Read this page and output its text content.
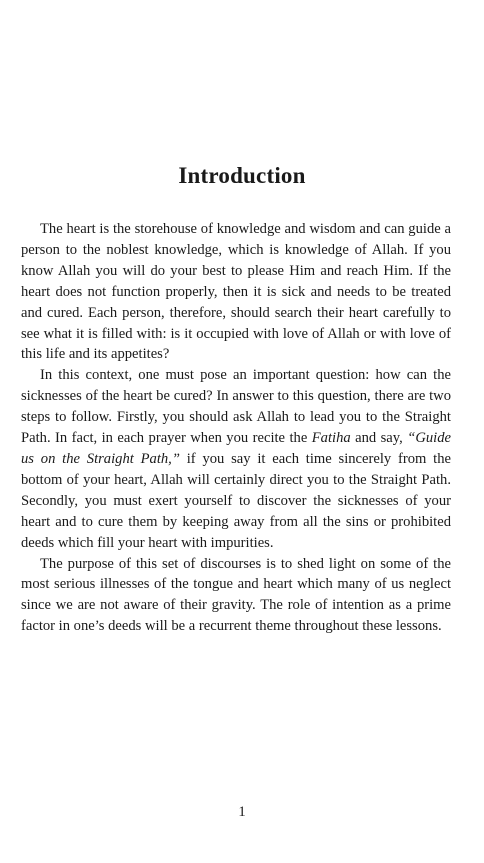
Introduction

The heart is the storehouse of knowledge and wisdom and can guide a person to the noblest knowledge, which is knowledge of Allah. If you know Allah you will do your best to please Him and reach Him. If the heart does not function properly, then it is sick and needs to be treated and cured. Each person, therefore, should search their heart carefully to see what it is filled with: is it occupied with love of Allah or with love of this life and its appetites?

In this context, one must pose an important question: how can the sicknesses of the heart be cured? In answer to this question, there are two steps to follow. Firstly, you should ask Allah to lead you to the Straight Path. In fact, in each prayer when you recite the Fatiha and say, “Guide us on the Straight Path,” if you say it each time sincerely from the bottom of your heart, Allah will certainly direct you to the Straight Path. Secondly, you must exert yourself to discover the sicknesses of your heart and to cure them by keeping away from all the sins or prohibited deeds which fill your heart with impurities.

The purpose of this set of discourses is to shed light on some of the most serious illnesses of the tongue and heart which many of us neglect since we are not aware of their gravity. The role of intention as a prime factor in one’s deeds will be a recurrent theme throughout these lessons.

1
